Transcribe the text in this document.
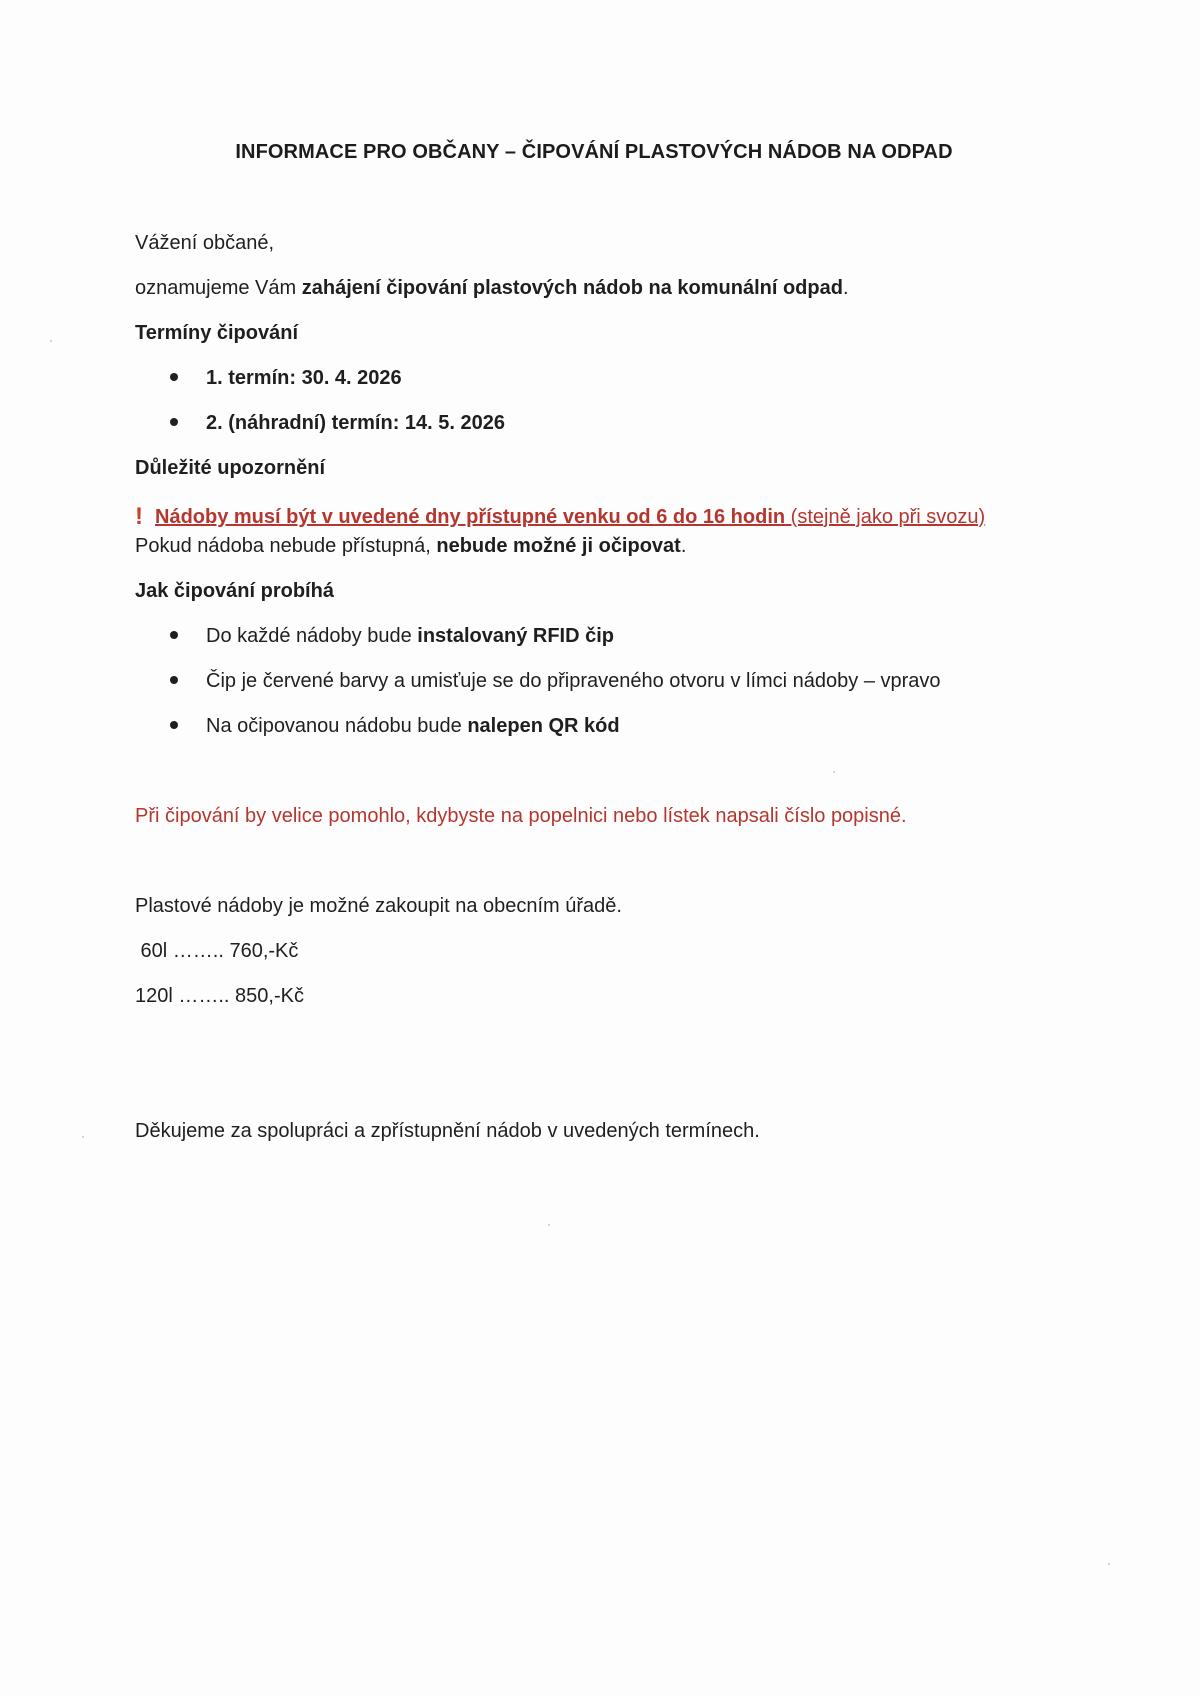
INFORMACE PRO OBČANY – ČIPOVÁNÍ PLASTOVÝCH NÁDOB NA ODPAD
Vážení občané,
oznamujeme Vám zahájení čipování plastových nádob na komunální odpad.
Termíny čipování
1. termín: 30. 4. 2026
2. (náhradní) termín: 14. 5. 2026
Důležité upozornění
! Nádoby musí být v uvedené dny přístupné venku od 6 do 16 hodin (stejně jako při svozu)
Pokud nádoba nebude přístupná, nebude možné ji očipovat.
Jak čipování probíhá
Do každé nádoby bude instalovaný RFID čip
Čip je červené barvy a umisťuje se do připraveného otvoru v límci nádoby – vpravo
Na očipovanou nádobu bude nalepen QR kód
Při čipování by velice pomohlo, kdybyste na popelnici nebo lístek napsali číslo popisné.
Plastové nádoby je možné zakoupit na obecním úřadě.
60l …….. 760,-Kč
120l …….. 850,-Kč
Děkujeme za spolupráci a zpřístupnění nádob v uvedených termínech.
